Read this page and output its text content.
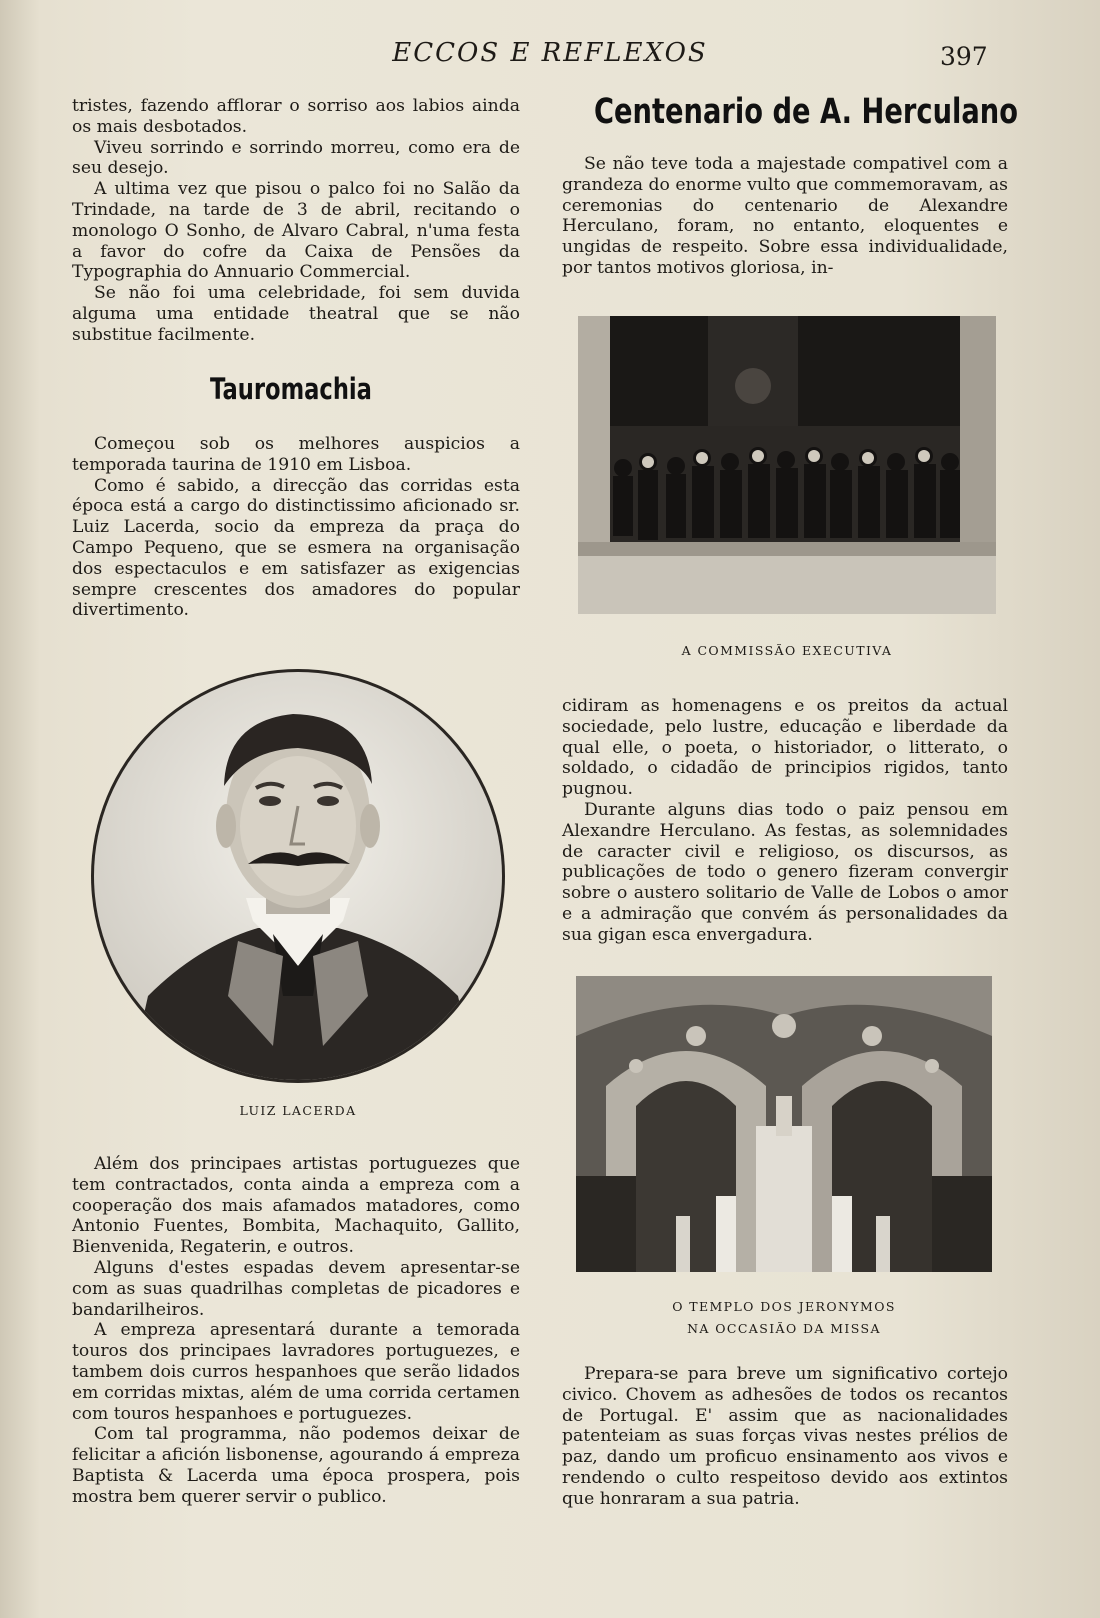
ECCOS E REFLEXOS	397

tristes, fazendo afflorar o sorriso aos labios ainda os mais desbotados.

Viveu sorrindo e sorrindo morreu, como era de seu desejo.

A ultima vez que pisou o palco foi no Salão da Trindade, na tarde de 3 de abril, recitando o monologo O Sonho, de Alvaro Cabral, n'uma festa a favor do cofre da Caixa de Pensões da Typographia do Annuario Commercial.

Se não foi uma celebridade, foi sem duvida alguma uma entidade theatral que se não substitue facilmente.

Tauromachia

Começou sob os melhores auspicios a temporada taurina de 1910 em Lisboa.

Como é sabido, a direcção das corridas esta época está a cargo do distinctissimo aficionado sr. Luiz Lacerda, socio da empreza da praça do Campo Pequeno, que se esmera na organisação dos espectaculos e em satisfazer as exigencias sempre crescentes dos amadores do popular divertimento.

LUIZ LACERDA

Além dos principaes artistas portuguezes que tem contractados, conta ainda a empreza com a cooperação dos mais afamados matadores, como Antonio Fuentes, Bombita, Machaquito, Gallito, Bienvenida, Regaterin, e outros.

Alguns d'estes espadas devem apresentar-se com as suas quadrilhas completas de picadores e bandarilheiros.

A empreza apresentará durante a temorada touros dos principaes lavradores portuguezes, e tambem dois curros hespanhoes que serão lidados em corridas mixtas, além de uma corrida certamen com touros hespanhoes e portuguezes.

Com tal programma, não podemos deixar de felicitar a afición lisbonense, agourando á empreza Baptista & Lacerda uma época prospera, pois mostra bem querer servir o publico.

Centenario de A. Herculano

Se não teve toda a majestade compativel com a grandeza do enorme vulto que commemoravam, as ceremonias do centenario de Alexandre Herculano, foram, no entanto, eloquentes e ungidas de respeito. Sobre essa individualidade, por tantos motivos gloriosa, in-

A COMMISSÃO EXECUTIVA

cidiram as homenagens e os preitos da actual sociedade, pelo lustre, educação e liberdade da qual elle, o poeta, o historiador, o litterato, o soldado, o cidadão de principios rigidos, tanto pugnou.

Durante alguns dias todo o paiz pensou em Alexandre Herculano. As festas, as solemnidades de caracter civil e religioso, os discursos, as publicações de todo o genero fizeram convergir sobre o austero solitario de Valle de Lobos o amor e a admiração que convém ás personalidades da sua gigan esca envergadura.

O TEMPLO DOS JERONYMOS
NA OCCASIÃO DA MISSA

Prepara-se para breve um significativo cortejo civico. Chovem as adhesões de todos os recantos de Portugal. E' assim que as nacionalidades patenteiam as suas forças vivas nestes prélios de paz, dando um proficuo ensinamento aos vivos e rendendo o culto respeitoso devido aos extintos que honraram a sua patria.
